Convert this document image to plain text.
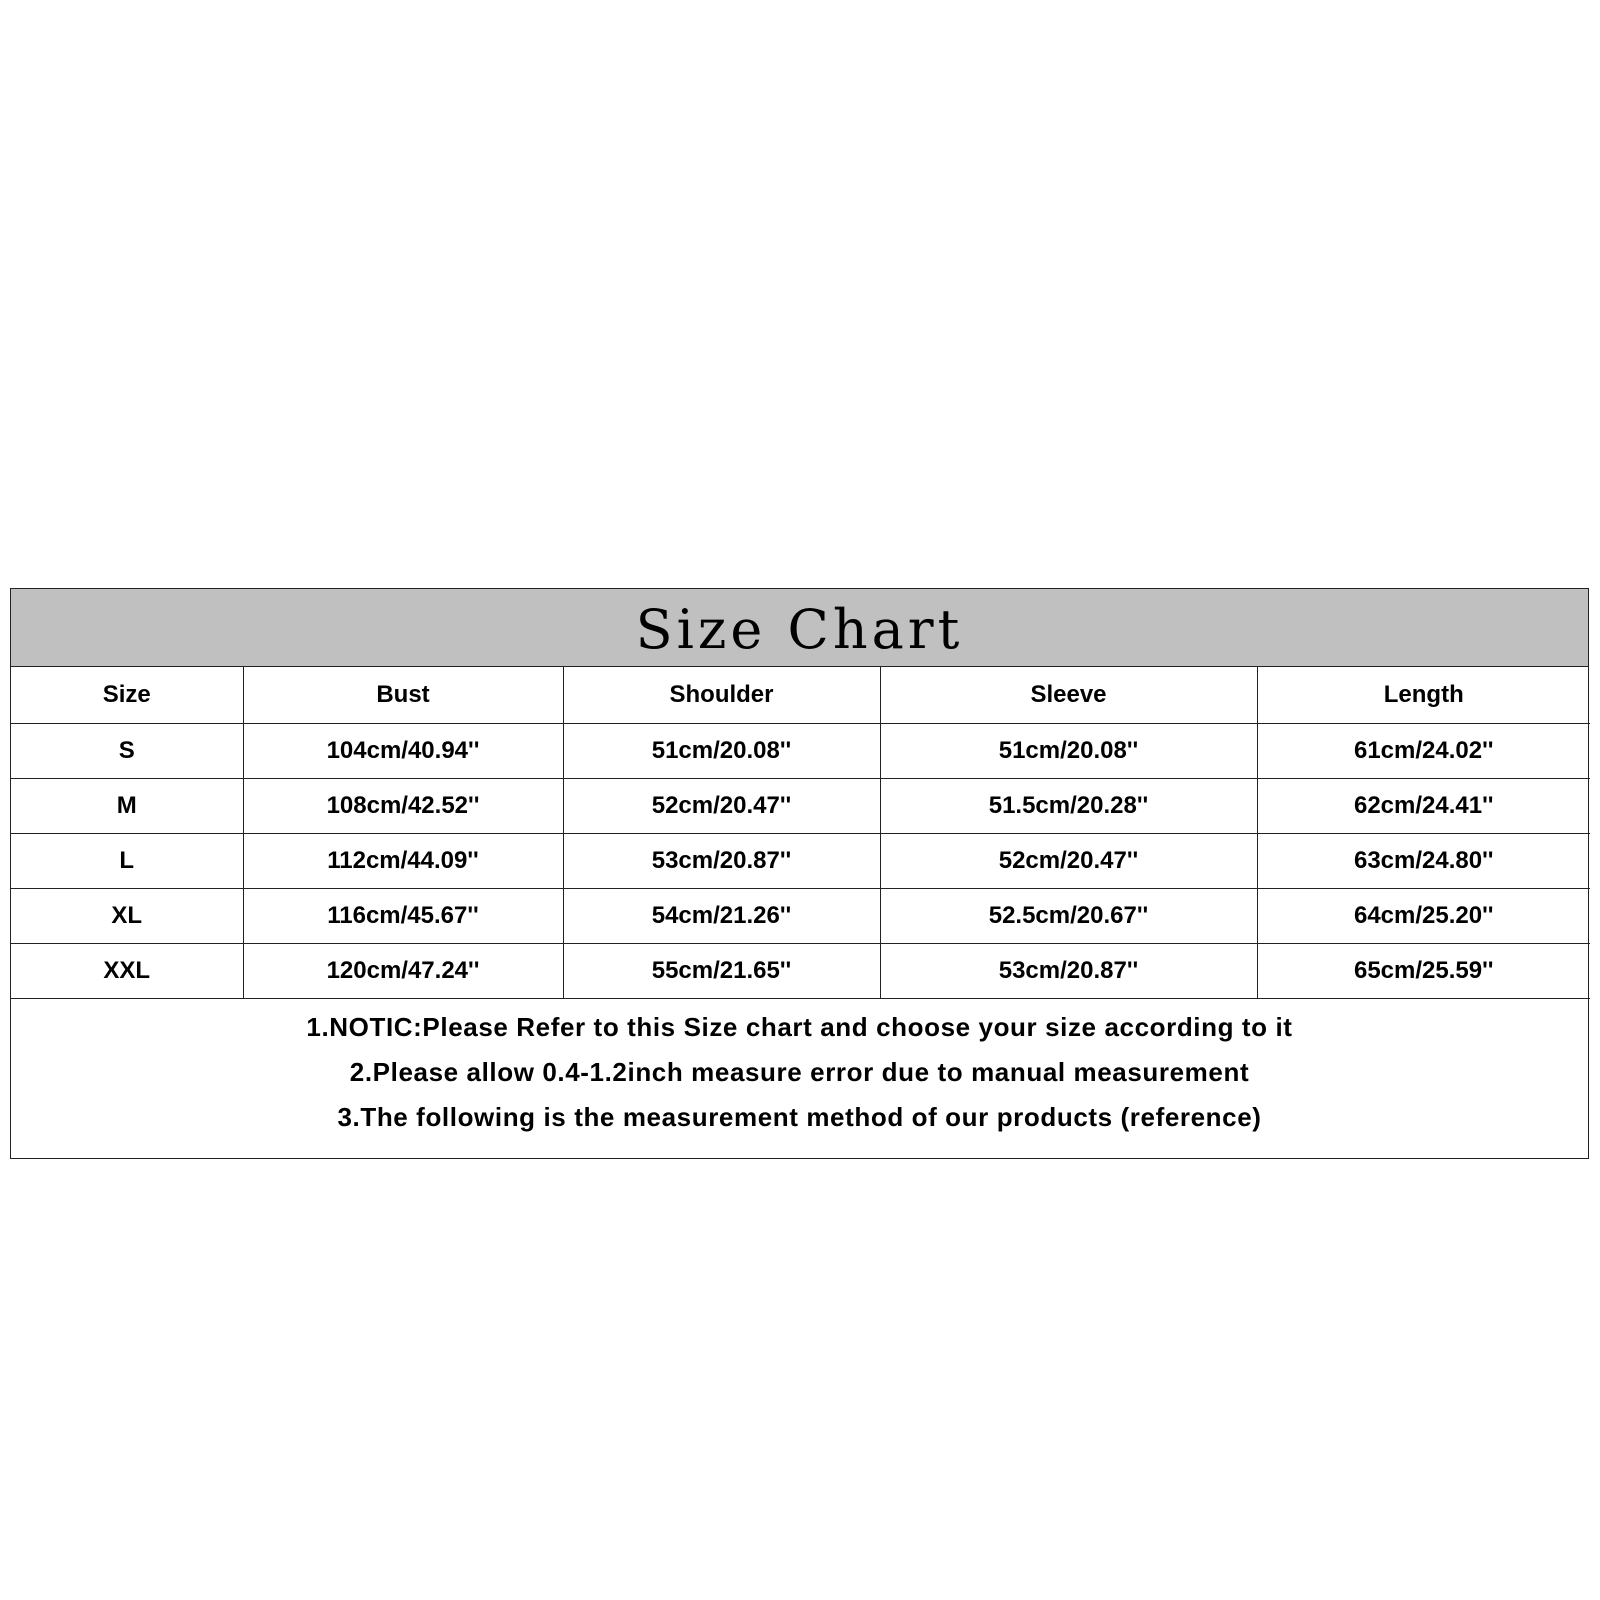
Size Chart
Size	Bust	Shoulder	Sleeve	Length
S	104cm/40.94''	51cm/20.08''	51cm/20.08''	61cm/24.02''
M	108cm/42.52''	52cm/20.47''	51.5cm/20.28''	62cm/24.41''
L	112cm/44.09''	53cm/20.87''	52cm/20.47''	63cm/24.80''
XL	116cm/45.67''	54cm/21.26''	52.5cm/20.67''	64cm/25.20''
XXL	120cm/47.24''	55cm/21.65''	53cm/20.87''	65cm/25.59''
1.NOTIC:Please Refer to this Size chart and choose your size according to it
2.Please allow 0.4-1.2inch measure error due to manual measurement
3.The following is the measurement method of our products (reference)
